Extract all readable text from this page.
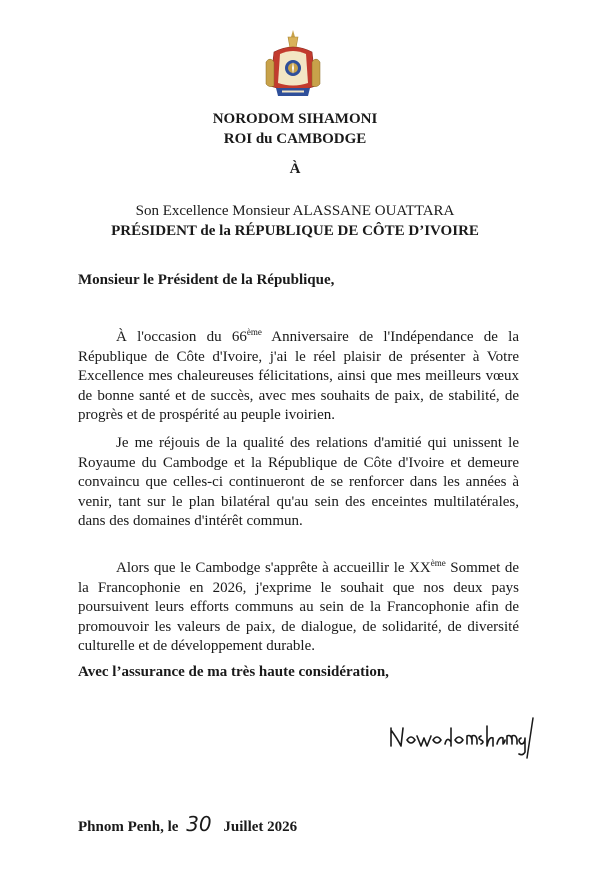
NORODOM SIHAMONI
ROI du CAMBODGE
À
Son Excellence Monsieur ALASSANE OUATTARA
PRÉSIDENT de la RÉPUBLIQUE DE CÔTE D’IVOIRE
Monsieur le Président de la République,

À l'occasion du 66ème Anniversaire de l'Indépendance de la République de Côte d'Ivoire, j'ai le réel plaisir de présenter à Votre Excellence mes chaleureuses félicitations, ainsi que mes meilleurs vœux de bonne santé et de succès, avec mes souhaits de paix, de stabilité, de progrès et de prospérité au peuple ivoirien.

Je me réjouis de la qualité des relations d'amitié qui unissent le Royaume du Cambodge et la République de Côte d'Ivoire et demeure convaincu que celles-ci continueront de se renforcer dans les années à venir, tant sur le plan bilatéral qu'au sein des enceintes multilatérales, dans des domaines d'intérêt commun.

Alors que le Cambodge s'apprête à accueillir le XXème Sommet de la Francophonie en 2026, j'exprime le souhait que nos deux pays poursuivent leurs efforts communs au sein de la Francophonie afin de promouvoir les valeurs de paix, de dialogue, de solidarité, de diversité culturelle et de développement durable.

Avec l’assurance de ma très haute considération,
Phnom Penh, le 30 Juillet 2026
